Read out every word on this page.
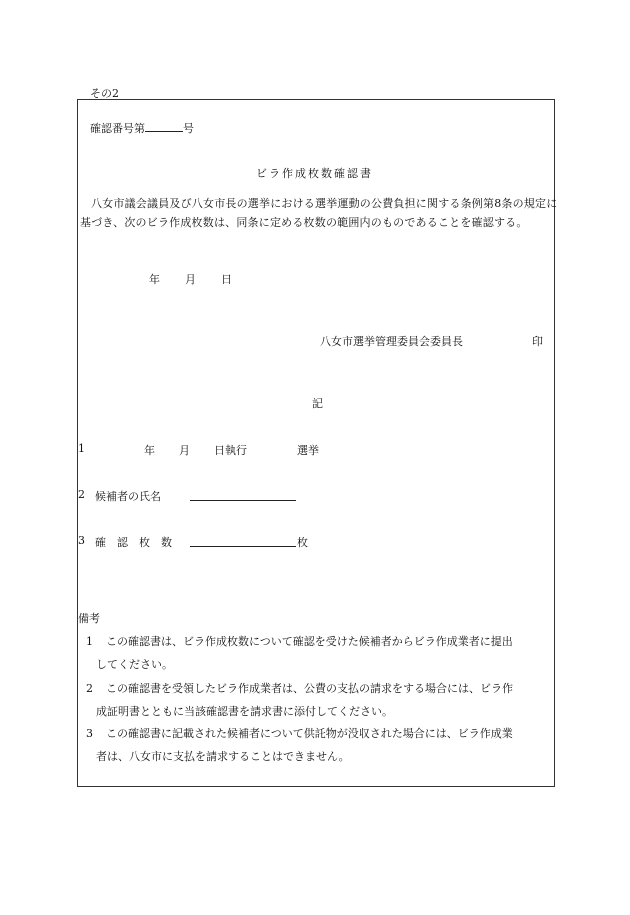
その2
確認番号第	号
ビラ作成枚数確認書

八女市議会議員及び八女市長の選挙における選挙運動の公費負担に関する条例第8条の規定に基づき、次のビラ作成枚数は、同条に定める枚数の範囲内のものであることを確認する。

年 月 日
八女市選挙管理委員会委員長	印
記
1	年 月 日執行	選挙
2 候補者の氏名
3 確　認　枚　数	枚
備考
1 この確認書は、ビラ作成枚数について確認を受けた候補者からビラ作成業者に提出
してください。
2 この確認書を受領したビラ作成業者は、公費の支払の請求をする場合には、ビラ作
成証明書とともに当該確認書を請求書に添付してください。
3 この確認書に記載された候補者について供託物が没収された場合には、ビラ作成業
者は、八女市に支払を請求することはできません。
